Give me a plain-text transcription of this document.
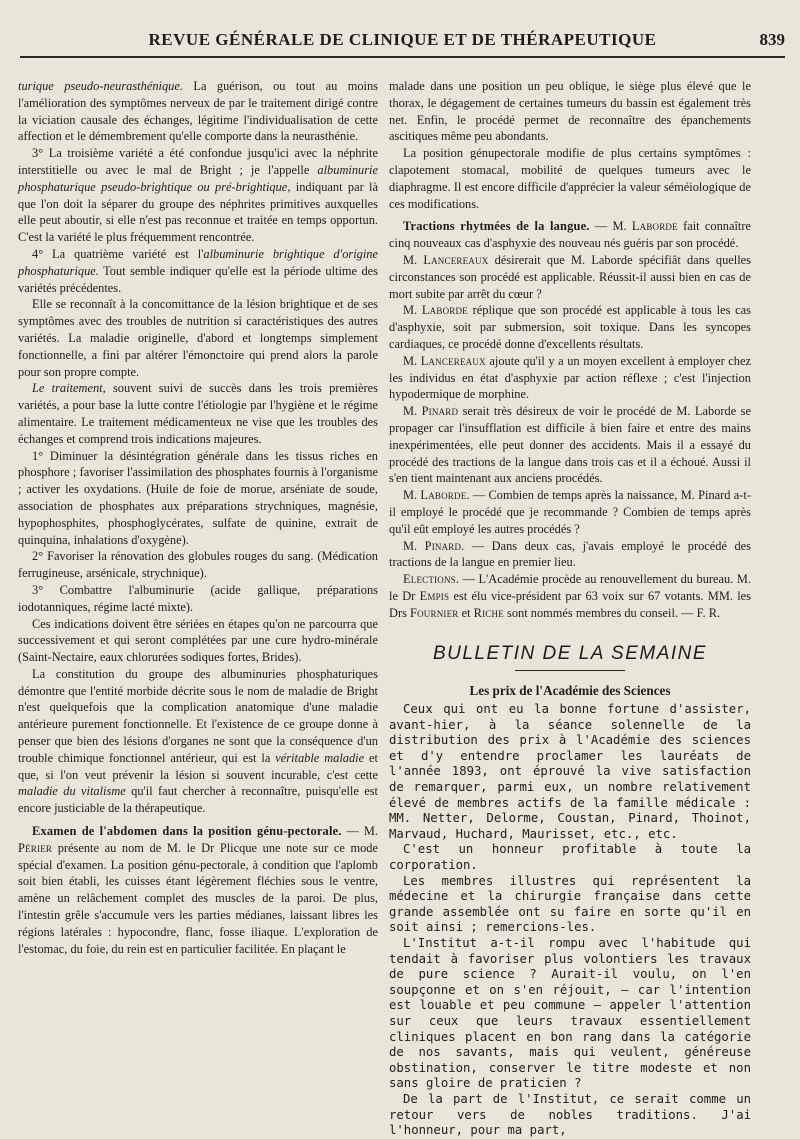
REVUE GÉNÉRALE DE CLINIQUE ET DE THÉRAPEUTIQUE	839

turique pseudo-neurasthénique. La guérison, ou tout au moins l'amélioration des symptômes nerveux de par le traitement dirigé contre la viciation causale des échanges, légitime l'individualisation de cette affection et le démembrement qu'elle comporte dans la neurasthénie.

3° La troisième variété a été confondue jusqu'ici avec la néphrite interstitielle ou avec le mal de Bright ; je l'appelle albuminurie phosphaturique pseudo-brightique ou pré-brightique, indiquant par là que l'on doit la séparer du groupe des néphrites primitives auxquelles elle peut aboutir, si elle n'est pas reconnue et traitée en temps opportun. C'est la variété le plus fréquemment rencontrée.

4° La quatrième variété est l'albuminurie brightique d'origine phosphaturique. Tout semble indiquer qu'elle est la période ultime des variétés précédentes.

Elle se reconnaît à la concomittance de la lésion brightique et de ses symptômes avec des troubles de nutrition si caractéristiques des autres variétés. La maladie originelle, d'abord et longtemps simplement fonctionnelle, a fini par altérer l'émonctoire qui prend alors la parole pour son propre compte.

Le traitement, souvent suivi de succès dans les trois premières variétés, a pour base la lutte contre l'étiologie par l'hygiène et le régime alimentaire. Le traitement médicamenteux ne vise que les troubles des échanges et comprend trois indications majeures.

1° Diminuer la désintégration générale dans les tissus riches en phosphore ; favoriser l'assimilation des phosphates fournis à l'organisme ; activer les oxydations. (Huile de foie de morue, arséniate de soude, association de phosphates aux préparations strychniques, magnésie, hypophosphites, phosphoglycérates, sulfate de quinine, extrait de quinquina, inhalations d'oxygène).

2° Favoriser la rénovation des globules rouges du sang. (Médication ferrugineuse, arsénicale, strychnique).

3° Combattre l'albuminurie (acide gallique, préparations iodotanniques, régime lacté mixte).

Ces indications doivent être sériées en étapes qu'on ne parcourra que successivement et qui seront complétées par une cure hydro-minérale (Saint-Nectaire, eaux chlorurées sodiques fortes, Brides).

La constitution du groupe des albuminuries phosphaturiques démontre que l'entité morbide décrite sous le nom de maladie de Bright n'est quelquefois que la complication anatomique d'une maladie antérieure purement fonctionnelle. Et l'existence de ce groupe donne à penser que bien des lésions d'organes ne sont que la conséquence d'un trouble chimique fonctionnel antérieur, qui est la véritable maladie et que, si l'on veut prévenir la lésion si souvent incurable, c'est cette maladie du vitalisme qu'il faut chercher à reconnaître, puisqu'elle est encore justiciable de la thérapeutique.

Examen de l'abdomen dans la position génu-pectorale. — M. Périer présente au nom de M. le Dr Plicque une note sur ce mode spécial d'examen. La position génu-pectorale, à condition que l'aplomb soit bien établi, les cuisses étant légèrement fléchies sous le ventre, amène un relâchement complet des muscles de la paroi. De plus, l'intestin grêle s'accumule vers les parties médianes, laissant libres les régions latérales : hypocondre, flanc, fosse iliaque. L'exploration de l'estomac, du foie, du rein est en particulier facilitée. En plaçant le

malade dans une position un peu oblique, le siège plus élevé que le thorax, le dégagement de certaines tumeurs du bassin est également très net. Enfin, le procédé permet de reconnaître des épanchements ascitiques même peu abondants.

La position génupectorale modifie de plus certains symptômes : clapotement stomacal, mobilité de quelques tumeurs avec le diaphragme. Il est encore difficile d'apprécier la valeur séméiologique de ces modifications.

Tractions rhytmées de la langue. — M. Laborde fait connaître cinq nouveaux cas d'asphyxie des nouveau nés guéris par son procédé.

M. Lancereaux désirerait que M. Laborde spécifiât dans quelles circonstances son procédé est applicable. Réussit-il aussi bien en cas de mort subite par arrêt du cœur ?

M. Laborde réplique que son procédé est applicable à tous les cas d'asphyxie, soit par submersion, soit toxique. Dans les syncopes cardiaques, ce procédé donne d'excellents résultats.

M. Lancereaux ajoute qu'il y a un moyen excellent à employer chez les individus en état d'asphyxie par action réflexe ; c'est l'injection hypodermique de morphine.

M. Pinard serait très désireux de voir le procédé de M. Laborde se propager car l'insufflation est difficile à bien faire et entre des mains inexpérimentées, elle peut donner des accidents. Mais il a essayé du procédé des tractions de la langue dans trois cas et il a échoué. Aussi il s'en tient maintenant aux anciens procédés.

M. Laborde. — Combien de temps après la naissance, M. Pinard a-t-il employé le procédé que je recommande ? Combien de temps après qu'il eût employé les autres procédés ?

M. Pinard. — Dans deux cas, j'avais employé le procédé des tractions de la langue en premier lieu.

Elections. — L'Académie procède au renouvellement du bureau. M. le Dr Empis est élu vice-président par 63 voix sur 67 votants. MM. les Drs Fournier et Riche sont nommés membres du conseil. — F. R.

BULLETIN DE LA SEMAINE
Les prix de l'Académie des Sciences

Ceux qui ont eu la bonne fortune d'assister, avant-hier, à la séance solennelle de la distribution des prix à l'Académie des sciences et d'y entendre proclamer les lauréats de l'année 1893, ont éprouvé la vive satisfaction de remarquer, parmi eux, un nombre relativement élevé de membres actifs de la famille médicale : MM. Netter, Delorme, Coustan, Pinard, Thoinot, Marvaud, Huchard, Maurisset, etc., etc.

C'est un honneur profitable à toute la corporation.

Les membres illustres qui représentent la médecine et la chirurgie française dans cette grande assemblée ont su faire en sorte qu'il en soit ainsi ; remercions-les.

L'Institut a-t-il rompu avec l'habitude qui tendait à favoriser plus volontiers les travaux de pure science ? Aurait-il voulu, on l'en soupçonne et on s'en réjouit, — car l'intention est louable et peu commune — appeler l'attention sur ceux que leurs travaux essentiellement cliniques placent en bon rang dans la catégorie de nos savants, mais qui veulent, généreuse obstination, conserver le titre modeste et non sans gloire de praticien ?

De la part de l'Institut, ce serait comme un retour vers de nobles traditions. J'ai l'honneur, pour ma part,
